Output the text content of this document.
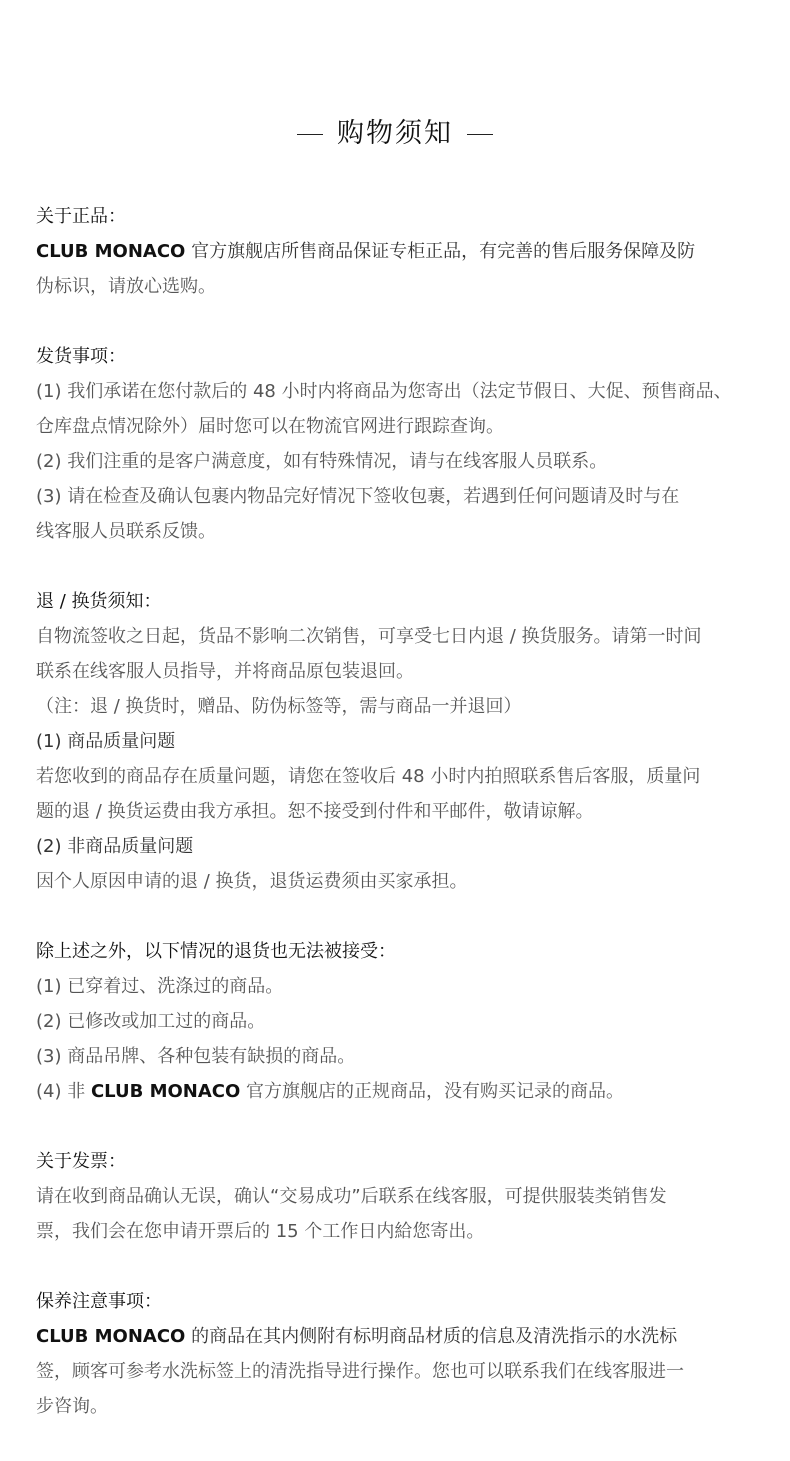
购物须知
关于正品：
CLUB MONACO 官方旗舰店所售商品保证专柜正品，有完善的售后服务保障及防
伪标识，请放心选购。
发货事项：
(1) 我们承诺在您付款后的 48 小时内将商品为您寄出（法定节假日、大促、预售商品、
仓库盘点情况除外）届时您可以在物流官网进行跟踪查询。
(2) 我们注重的是客户满意度，如有特殊情况，请与在线客服人员联系。
(3) 请在检查及确认包裹内物品完好情况下签收包裹，若遇到任何问题请及时与在
线客服人员联系反馈。
退 / 换货须知：
自物流签收之日起，货品不影响二次销售，可享受七日内退 / 换货服务。请第一时间
联系在线客服人员指导，并将商品原包装退回。
（注：退 / 换货时，赠品、防伪标签等，需与商品一并退回）
(1) 商品质量问题
若您收到的商品存在质量问题，请您在签收后 48 小时内拍照联系售后客服，质量问
题的退 / 换货运费由我方承担。恕不接受到付件和平邮件，敬请谅解。
(2) 非商品质量问题
因个人原因申请的退 / 换货，退货运费须由买家承担。
除上述之外，以下情况的退货也无法被接受：
(1) 已穿着过、洗涤过的商品。
(2) 已修改或加工过的商品。
(3) 商品吊牌、各种包装有缺损的商品。
(4) 非 CLUB MONACO 官方旗舰店的正规商品，没有购买记录的商品。
关于发票：
请在收到商品确认无误，确认“交易成功”后联系在线客服，可提供服装类销售发
票，我们会在您申请开票后的 15 个工作日内給您寄出。
保养注意事项：
CLUB MONACO 的商品在其内侧附有标明商品材质的信息及清洗指示的水洗标
签，顾客可参考水洗标签上的清洗指导进行操作。您也可以联系我们在线客服进一
步咨询。
